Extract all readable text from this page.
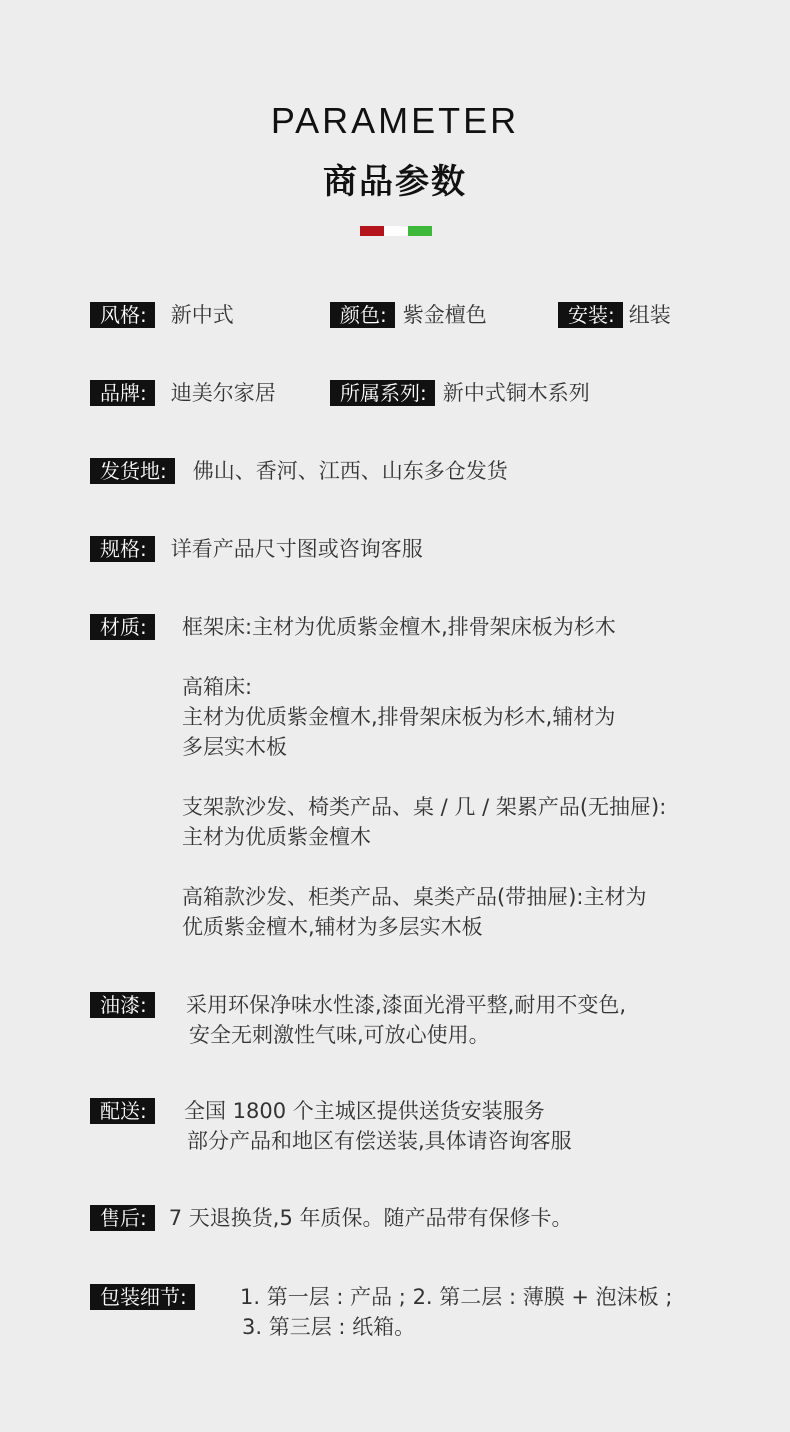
PARAMETER
商品参数
风格:	新中式	颜色: 紫金檀色	安装: 组装
品牌:	迪美尔家居	所属系列: 新中式铜木系列
发货地:	佛山、香河、江西、山东多仓发货
规格:	详看产品尺寸图或咨询客服
材质:	框架床:主材为优质紫金檀木,排骨架床板为杉木
高箱床:
主材为优质紫金檀木,排骨架床板为杉木,辅材为
多层实木板
支架款沙发、椅类产品、桌 / 几 / 架累产品(无抽屉):
主材为优质紫金檀木
高箱款沙发、柜类产品、桌类产品(带抽屉):主材为
优质紫金檀木,辅材为多层实木板
油漆:	采用环保净味水性漆,漆面光滑平整,耐用不变色,
安全无刺激性气味,可放心使用。
配送:	全国 1800 个主城区提供送货安装服务
部分产品和地区有偿送装,具体请咨询客服
售后:	7 天退换货,5 年质保。随产品带有保修卡。
包装细节:	1. 第一层 : 产品 ; 2. 第二层 : 薄膜 + 泡沫板 ;
3. 第三层 : 纸箱。
